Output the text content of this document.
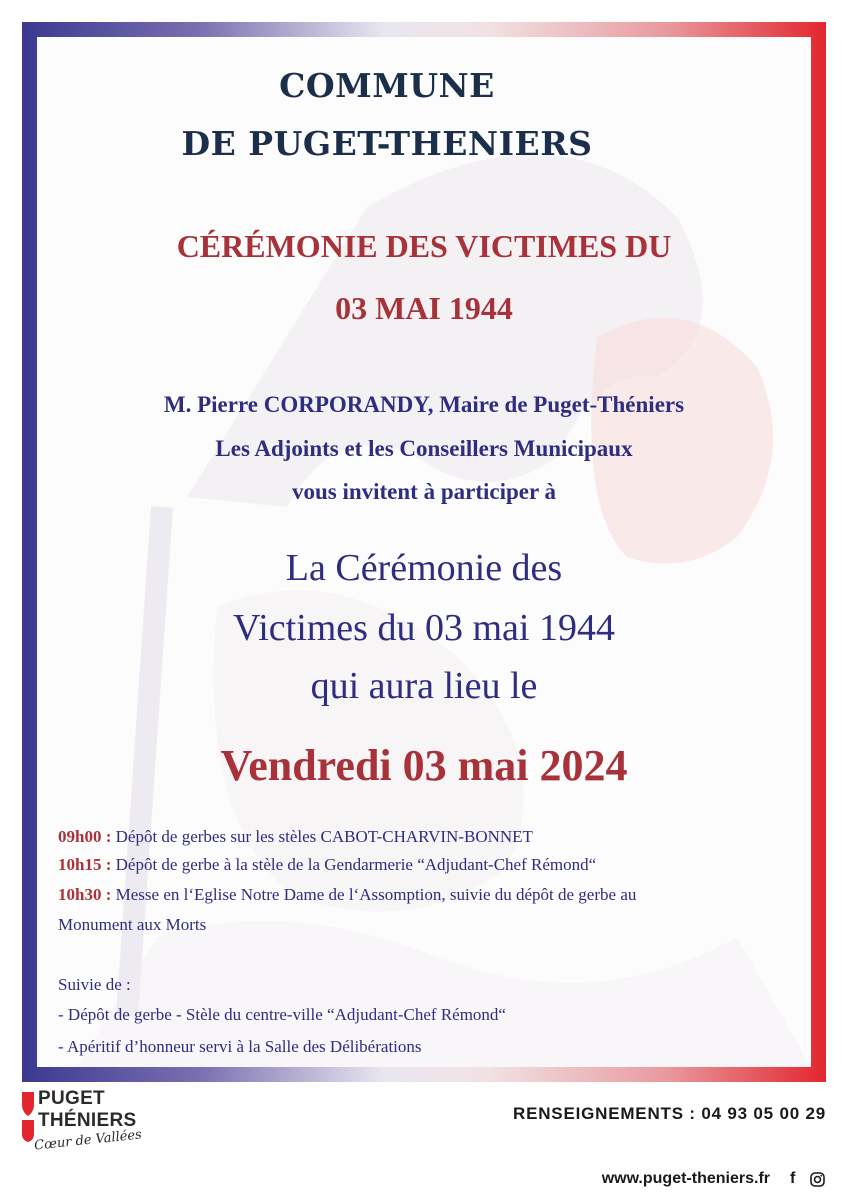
COMMUNE
DE PUGET-THENIERS
CÉRÉMONIE DES VICTIMES DU
03 MAI 1944
M. Pierre CORPORANDY, Maire de Puget-Théniers
Les Adjoints et les Conseillers Municipaux
vous invitent à participer à
La Cérémonie des
Victimes du 03 mai 1944
qui aura lieu le
Vendredi 03 mai 2024
09h00 : Dépôt de gerbes sur les stèles CABOT-CHARVIN-BONNET
10h15 : Dépôt de gerbe à la stèle de la Gendarmerie “Adjudant-Chef Rémond“
10h30 : Messe en l‘Eglise Notre Dame de l‘Assomption, suivie du dépôt de gerbe au
Monument aux Morts
Suivie de :
- Dépôt de gerbe - Stèle du centre-ville “Adjudant-Chef Rémond“
- Apéritif d’honneur servi à la Salle des Délibérations
PUGET
THÉNIERS
Cœur de Vallées
RENSEIGNEMENTS : 04 93 05 00 29
www.puget-theniers.fr f
